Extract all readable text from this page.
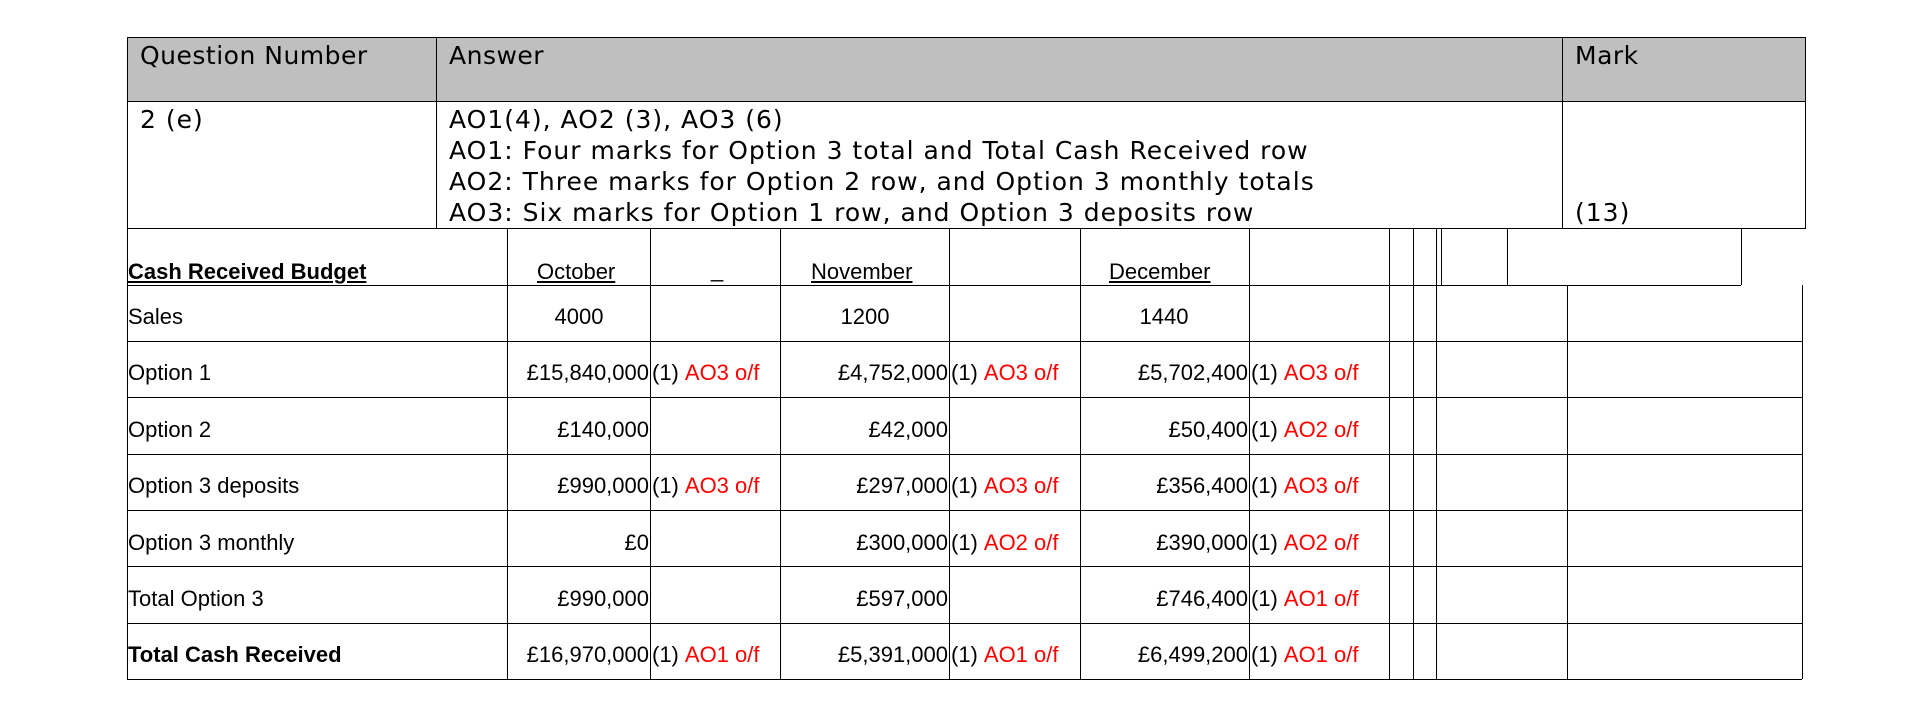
Question Number	Answer	Mark
2 (e)	AO1(4), AO2 (3), AO3 (6)
AO1: Four marks for Option 3 total and Total Cash Received row
AO2: Three marks for Option 2 row, and Option 3 monthly totals
AO3: Six marks for Option 1 row, and Option 3 deposits row	(13)
Cash Received Budget	October	_	November	December
Sales	4000	1200	1440
Option 1	£15,840,000 (1) AO3 o/f	£4,752,000 (1) AO3 o/f	£5,702,400 (1) AO3 o/f
Option 2	£140,000	£42,000	£50,400 (1) AO2 o/f
Option 3 deposits	£990,000 (1) AO3 o/f	£297,000 (1) AO3 o/f	£356,400 (1) AO3 o/f
Option 3 monthly	£0	£300,000 (1) AO2 o/f	£390,000 (1) AO2 o/f
Total Option 3	£990,000	£597,000	£746,400 (1) AO1 o/f
Total Cash Received	£16,970,000 (1) AO1 o/f	£5,391,000 (1) AO1 o/f	£6,499,200 (1) AO1 o/f
